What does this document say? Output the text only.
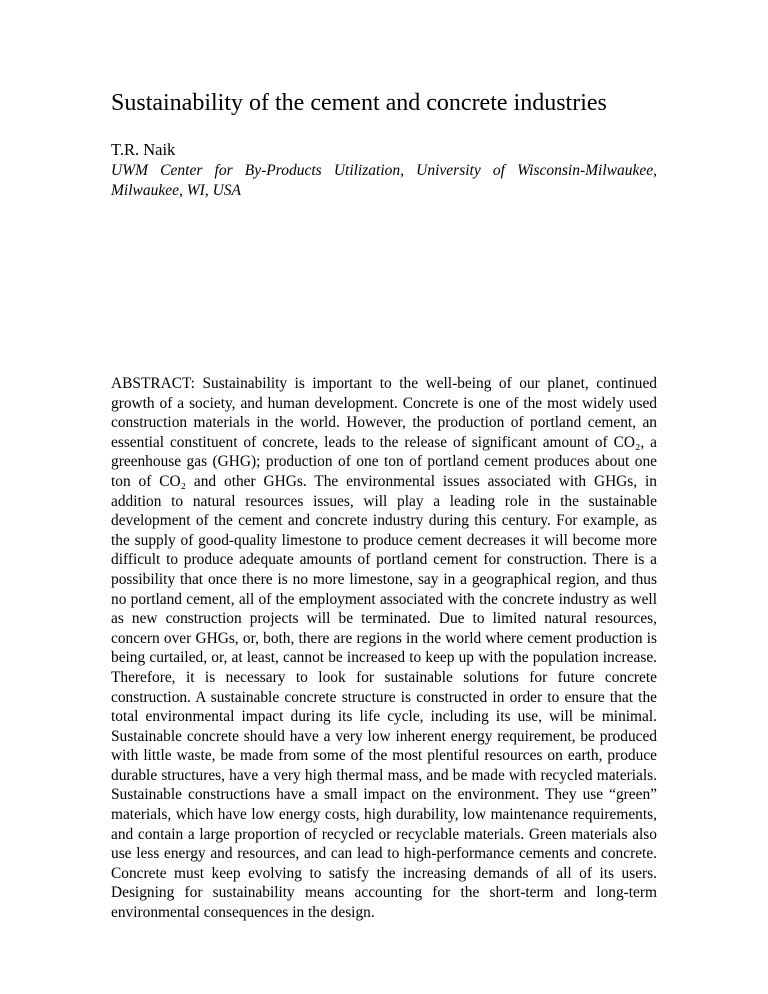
Sustainability of the cement and concrete industries

T.R. Naik

UWM Center for By-Products Utilization, University of Wisconsin-Milwaukee, Milwaukee, WI, USA

ABSTRACT: Sustainability is important to the well-being of our planet, continued growth of a society, and human development. Concrete is one of the most widely used construction materials in the world. However, the production of portland cement, an essential constituent of concrete, leads to the release of significant amount of CO₂, a greenhouse gas (GHG); production of one ton of portland cement produces about one ton of CO₂ and other GHGs. The environmental issues associated with GHGs, in addition to natural resources issues, will play a leading role in the sustainable development of the cement and concrete industry during this century. For example, as the supply of good-quality limestone to produce cement decreases it will become more difficult to produce adequate amounts of portland cement for construction. There is a possibility that once there is no more limestone, say in a geographical region, and thus no portland cement, all of the employment associated with the concrete industry as well as new construction projects will be terminated. Due to limited natural resources, concern over GHGs, or, both, there are regions in the world where cement production is being curtailed, or, at least, cannot be increased to keep up with the population increase. Therefore, it is necessary to look for sustainable solutions for future concrete construction. A sustainable concrete structure is constructed in order to ensure that the total environmental impact during its life cycle, including its use, will be minimal. Sustainable concrete should have a very low inherent energy requirement, be produced with little waste, be made from some of the most plentiful resources on earth, produce durable structures, have a very high thermal mass, and be made with recycled materials. Sustainable constructions have a small impact on the environment. They use “green” materials, which have low energy costs, high durability, low maintenance requirements, and contain a large proportion of recycled or recyclable materials. Green materials also use less energy and resources, and can lead to high-performance cements and concrete. Concrete must keep evolving to satisfy the increasing demands of all of its users. Designing for sustainability means accounting for the short-term and long-term environmental consequences in the design.
